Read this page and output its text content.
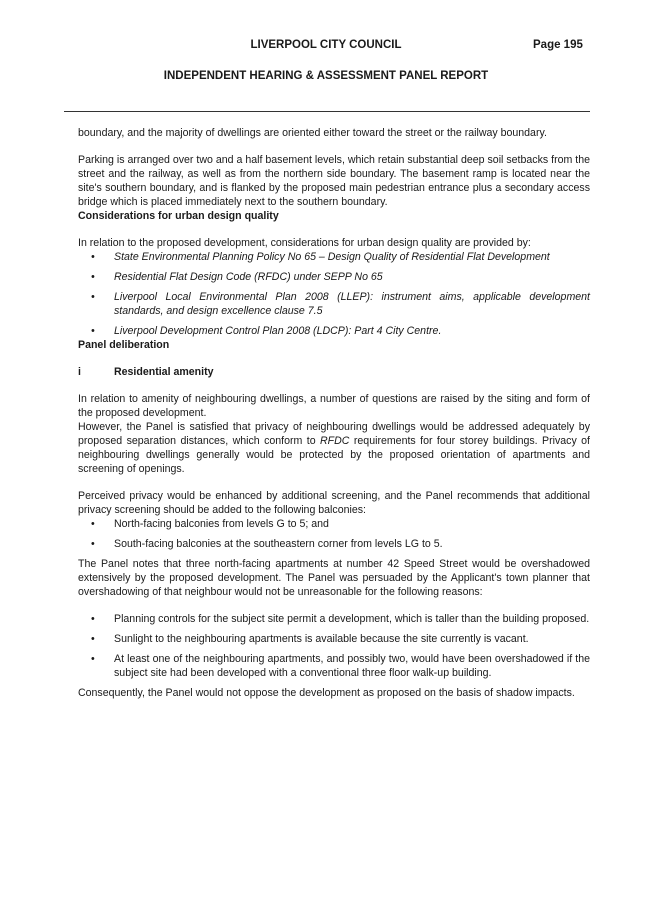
LIVERPOOL CITY COUNCIL	Page 195
INDEPENDENT HEARING & ASSESSMENT PANEL REPORT

boundary, and the majority of dwellings are oriented either toward the street or the railway boundary.

Parking is arranged over two and a half basement levels, which retain substantial deep soil setbacks from the street and the railway, as well as from the northern side boundary. The basement ramp is located near the site's southern boundary, and is flanked by the proposed main pedestrian entrance plus a secondary access bridge which is placed immediately next to the southern boundary.

Considerations for urban design quality

In relation to the proposed development, considerations for urban design quality are provided by:

• State Environmental Planning Policy No 65 – Design Quality of Residential Flat Development
• Residential Flat Design Code (RFDC) under SEPP No 65
• Liverpool Local Environmental Plan 2008 (LLEP): instrument aims, applicable development standards, and design excellence clause 7.5
• Liverpool Development Control Plan 2008 (LDCP): Part 4 City Centre.

Panel deliberation

i	Residential amenity

In relation to amenity of neighbouring dwellings, a number of questions are raised by the siting and form of the proposed development.

However, the Panel is satisfied that privacy of neighbouring dwellings would be addressed adequately by proposed separation distances, which conform to RFDC requirements for four storey buildings. Privacy of neighbouring dwellings generally would be protected by the proposed orientation of apartments and screening of openings.

Perceived privacy would be enhanced by additional screening, and the Panel recommends that additional privacy screening should be added to the following balconies:

• North-facing balconies from levels G to 5; and
• South-facing balconies at the southeastern corner from levels LG to 5.

The Panel notes that three north-facing apartments at number 42 Speed Street would be overshadowed extensively by the proposed development. The Panel was persuaded by the Applicant's town planner that overshadowing of that neighbour would not be unreasonable for the following reasons:

• Planning controls for the subject site permit a development, which is taller than the building proposed.
• Sunlight to the neighbouring apartments is available because the site currently is vacant.
• At least one of the neighbouring apartments, and possibly two, would have been overshadowed if the subject site had been developed with a conventional three floor walk-up building.

Consequently, the Panel would not oppose the development as proposed on the basis of shadow impacts.
